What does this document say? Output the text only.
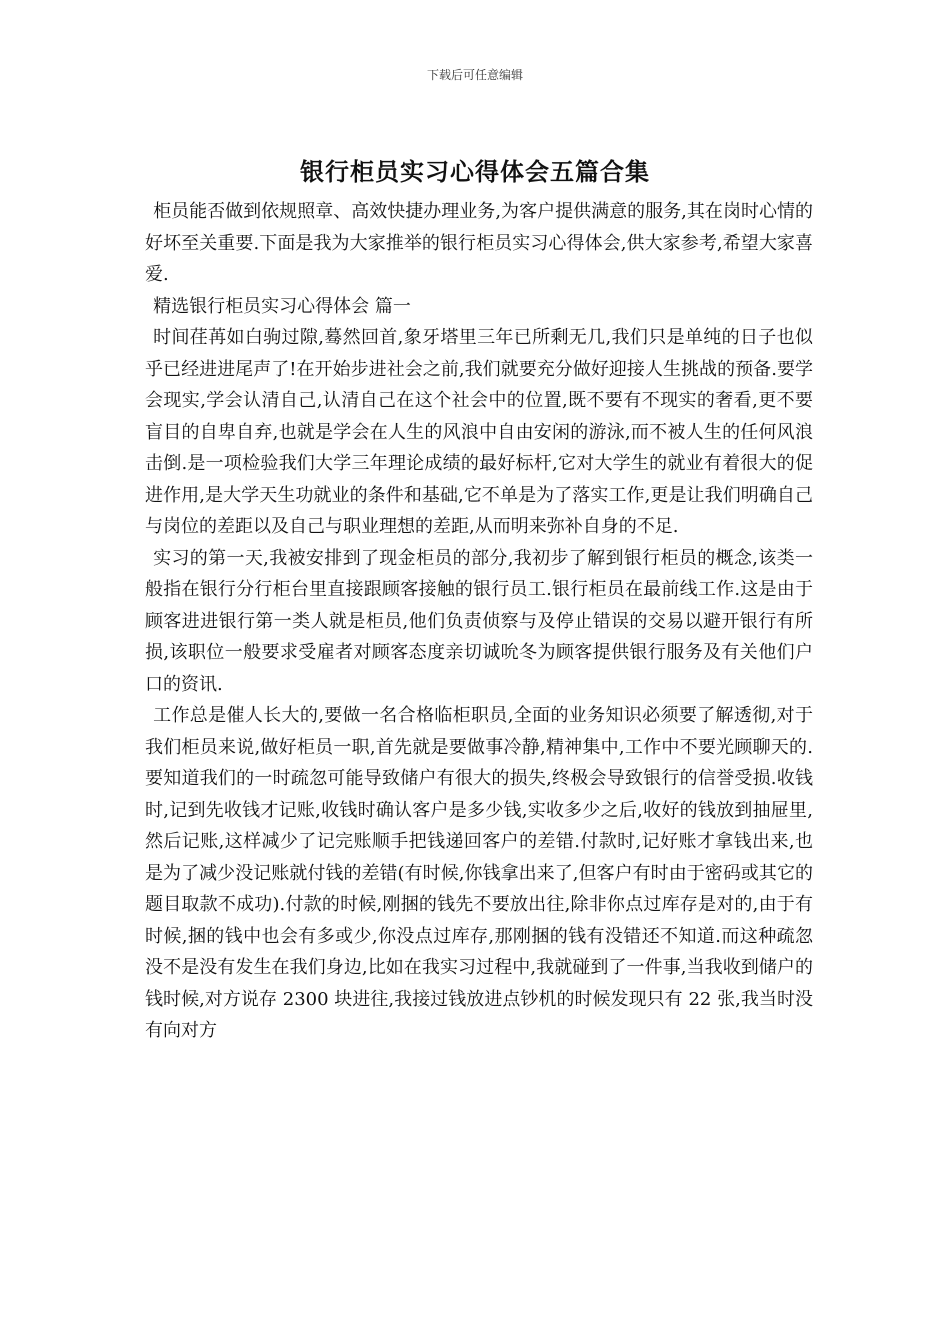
下载后可任意编辑
银行柜员实习心得体会五篇合集

柜员能否做到依规照章、高效快捷办理业务,为客户提供满意的服务,其在岗时心情的好坏至关重要.下面是我为大家推举的银行柜员实习心得体会,供大家参考,希望大家喜爱.

精选银行柜员实习心得体会 篇一

时间荏苒如白驹过隙,蓦然回首,象牙塔里三年已所剩无几,我们只是单纯的日子也似乎已经进进尾声了!在开始步进社会之前,我们就要充分做好迎接人生挑战的预备.要学会现实,学会认清自己,认清自己在这个社会中的位置,既不要有不现实的奢看,更不要盲目的自卑自弃,也就是学会在人生的风浪中自由安闲的游泳,而不被人生的任何风浪击倒.是一项检验我们大学三年理论成绩的最好标杆,它对大学生的就业有着很大的促进作用,是大学天生功就业的条件和基础,它不单是为了落实工作,更是让我们明确自己与岗位的差距以及自己与职业理想的差距,从而明来弥补自身的不足.

实习的第一天,我被安排到了现金柜员的部分,我初步了解到银行柜员的概念,该类一般指在银行分行柜台里直接跟顾客接触的银行员工.银行柜员在最前线工作.这是由于顾客进进银行第一类人就是柜员,他们负责侦察与及停止错误的交易以避开银行有所损,该职位一般要求受雇者对顾客态度亲切诚吮冬为顾客提供银行服务及有关他们户口的资讯.

工作总是催人长大的,要做一名合格临柜职员,全面的业务知识必须要了解透彻,对于我们柜员来说,做好柜员一职,首先就是要做事冷静,精神集中,工作中不要光顾聊天的.要知道我们的一时疏忽可能导致储户有很大的损失,终极会导致银行的信誉受损.收钱时,记到先收钱才记账,收钱时确认客户是多少钱,实收多少之后,收好的钱放到抽屉里,然后记账,这样减少了记完账顺手把钱递回客户的差错.付款时,记好账才拿钱出来,也是为了减少没记账就付钱的差错(有时候,你钱拿出来了,但客户有时由于密码或其它的题目取款不成功).付款的时候,刚捆的钱先不要放出往,除非你点过库存是对的,由于有时候,捆的钱中也会有多或少,你没点过库存,那刚捆的钱有没错还不知道.而这种疏忽没不是没有发生在我们身边,比如在我实习过程中,我就碰到了一件事,当我收到储户的钱时候,对方说存 2300 块进往,我接过钱放进点钞机的时候发现只有 22 张,我当时没有向对方
